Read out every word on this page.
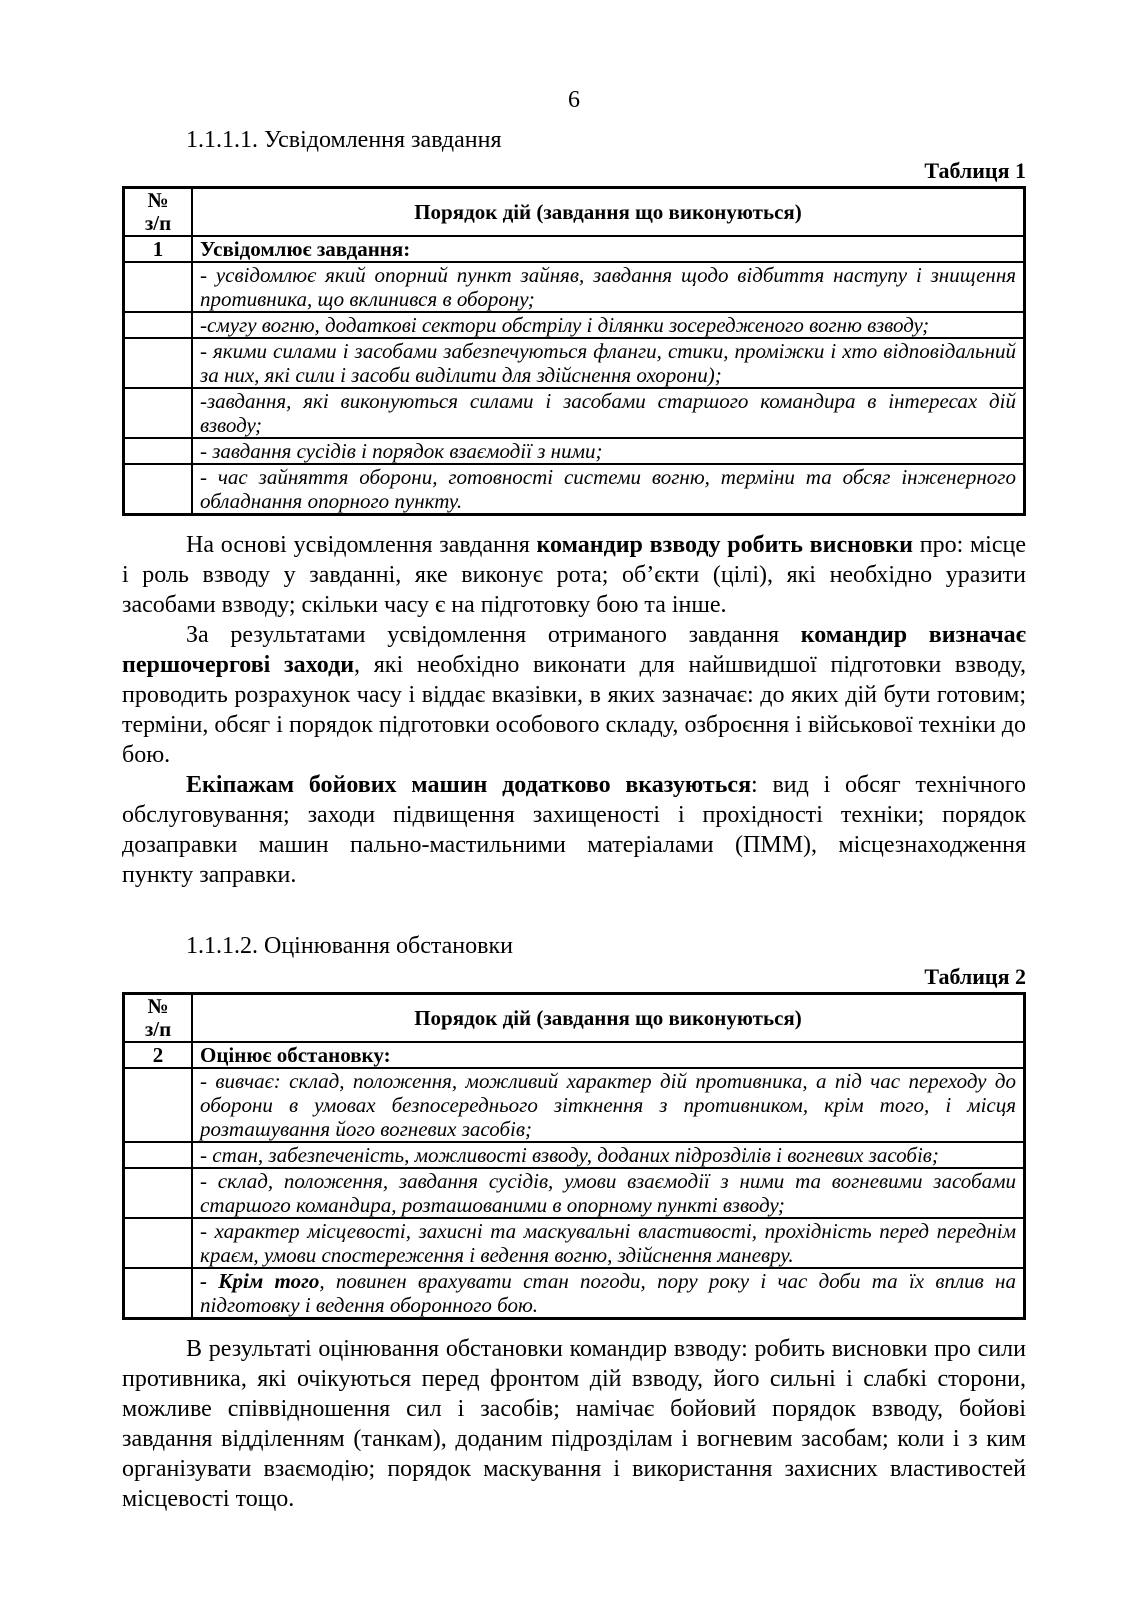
6
1.1.1.1. Усвідомлення завдання
Таблиця 1
№
з/п	Порядок дій (завдання що виконуються)
1	Усвідомлює завдання:
	- усвідомлює який опорний пункт зайняв, завдання щодо відбиття наступу і знищення противника, що вклинився в оборону;
	-смугу вогню, додаткові сектори обстрілу і ділянки зосередженого вогню взводу;
	- якими силами і засобами забезпечуються фланги, стики, проміжки і хто відповідальний за них, які сили і засоби виділити для здійснення охорони);
	-завдання, які виконуються силами і засобами старшого командира в інтересах дій взводу;
	- завдання сусідів і порядок взаємодії з ними;
	- час зайняття оборони, готовності системи вогню, терміни та обсяг інженерного обладнання опорного пункту.

На основі усвідомлення завдання командир взводу робить висновки про: місце і роль взводу у завданні, яке виконує рота; об’єкти (цілі), які необхідно уразити засобами взводу; скільки часу є на підготовку бою та інше.

За результатами усвідомлення отриманого завдання командир визначає першочергові заходи, які необхідно виконати для найшвидшої підготовки взводу, проводить розрахунок часу і віддає вказівки, в яких зазначає: до яких дій бути готовим; терміни, обсяг і порядок підготовки особового складу, озброєння і військової техніки до бою.

Екіпажам бойових машин додатково вказуються: вид і обсяг технічного обслуговування; заходи підвищення захищеності і прохідності техніки; порядок дозаправки машин пально-мастильними матеріалами (ПММ), місцезнаходження пункту заправки.

1.1.1.2. Оцінювання обстановки
Таблиця 2
№
з/п	Порядок дій (завдання що виконуються)
2	Оцінює обстановку:
	- вивчає: склад, положення, можливий характер дій противника, а під час переходу до оборони в умовах безпосереднього зіткнення з противником, крім того, і місця розташування його вогневих засобів;
	- стан, забезпеченість, можливості взводу, доданих підрозділів і вогневих засобів;
	- склад, положення, завдання сусідів, умови взаємодії з ними та вогневими засобами старшого командира, розташованими в опорному пункті взводу;
	- характер місцевості, захисні та маскувальні властивості, прохідність перед переднім краєм, умови спостереження і ведення вогню, здійснення маневру.
	- Крім того, повинен врахувати стан погоди, пору року і час доби та їх вплив на підготовку і ведення оборонного бою.

В результаті оцінювання обстановки командир взводу: робить висновки про сили противника, які очікуються перед фронтом дій взводу, його сильні і слабкі сторони, можливе співвідношення сил і засобів; намічає бойовий порядок взводу, бойові завдання відділенням (танкам), доданим підрозділам і вогневим засобам; коли і з ким організувати взаємодію; порядок маскування і використання захисних властивостей місцевості тощо.
